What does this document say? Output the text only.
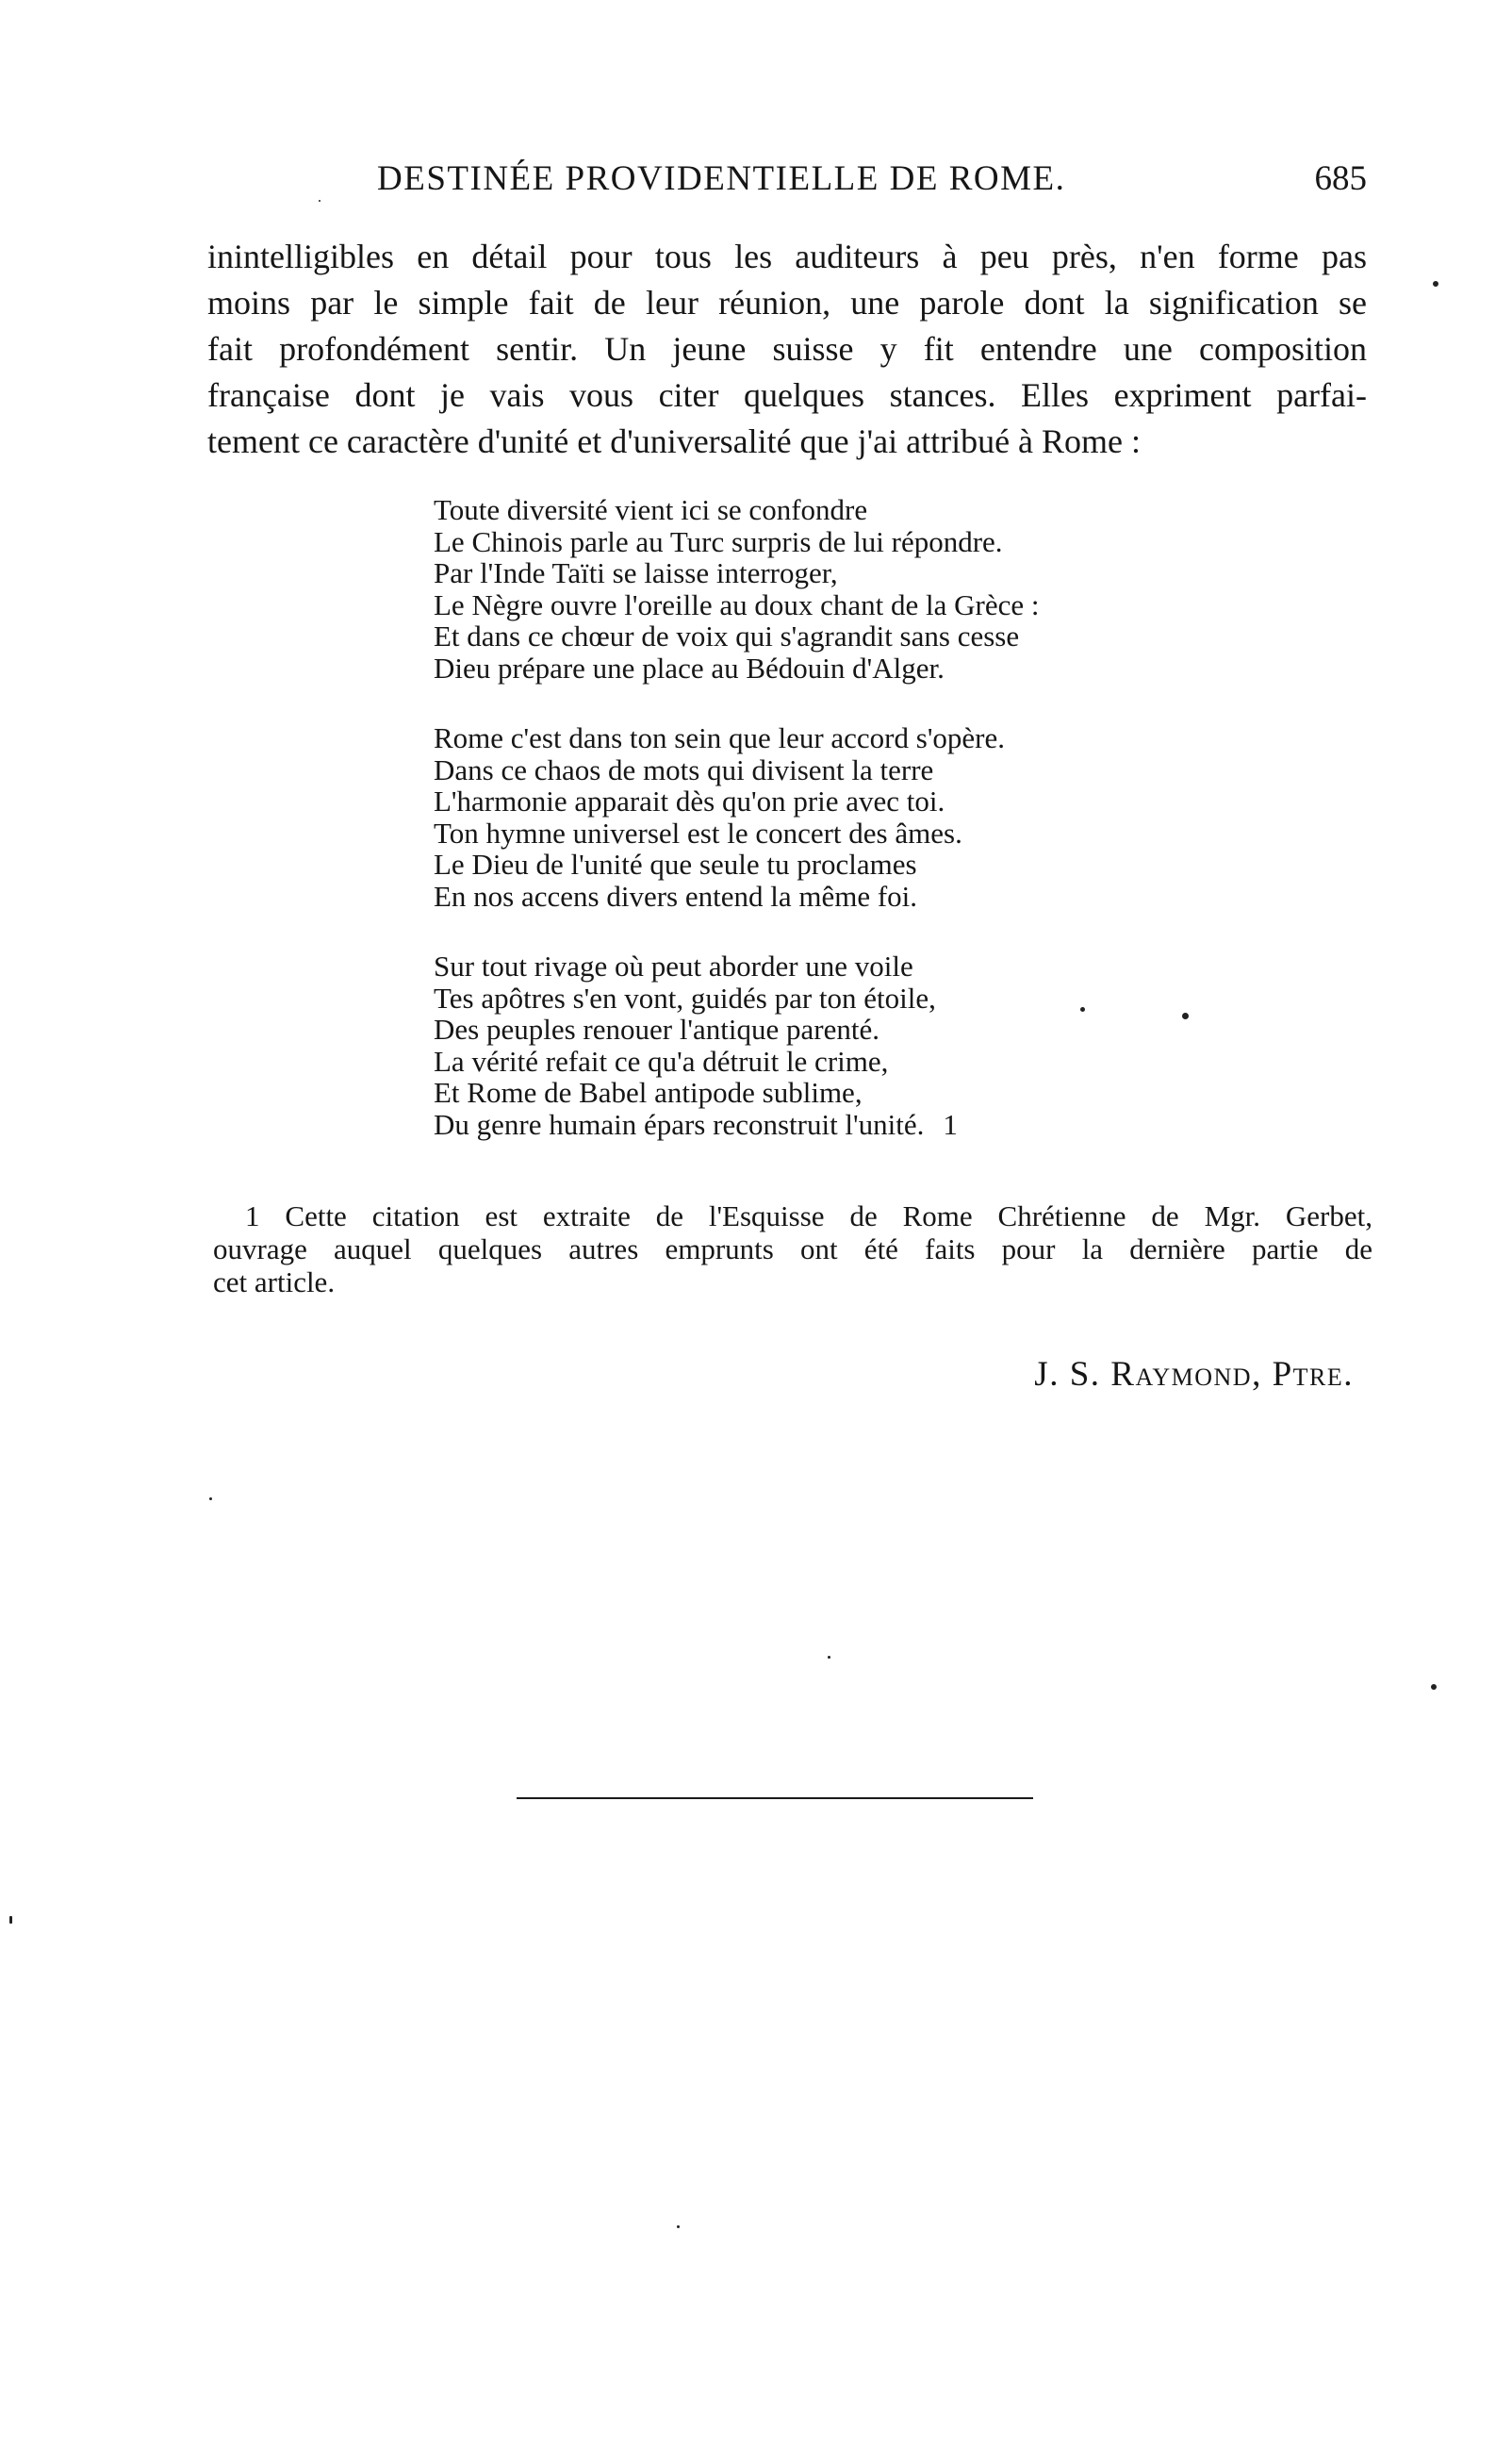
DESTINÉE PROVIDENTIELLE DE ROME.	685
inintelligibles en détail pour tous les auditeurs à peu près, n'en forme pas
moins par le simple fait de leur réunion, une parole dont la signification se
fait profondément sentir. Un jeune suisse y fit entendre une composition
française dont je vais vous citer quelques stances. Elles expriment parfai-
tement ce caractère d'unité et d'universalité que j'ai attribué à Rome :
Toute diversité vient ici se confondre
Le Chinois parle au Turc surpris de lui répondre.
Par l'Inde Taïti se laisse interroger,
Le Nègre ouvre l'oreille au doux chant de la Grèce :
Et dans ce chœur de voix qui s'agrandit sans cesse
Dieu prépare une place au Bédouin d'Alger.
Rome c'est dans ton sein que leur accord s'opère.
Dans ce chaos de mots qui divisent la terre
L'harmonie apparait dès qu'on prie avec toi.
Ton hymne universel est le concert des âmes.
Le Dieu de l'unité que seule tu proclames
En nos accens divers entend la même foi.
Sur tout rivage où peut aborder une voile
Tes apôtres s'en vont, guidés par ton étoile,
Des peuples renouer l'antique parenté.
La vérité refait ce qu'a détruit le crime,
Et Rome de Babel antipode sublime,
Du genre humain épars reconstruit l'unité. 1
1 Cette citation est extraite de l'Esquisse de Rome Chrétienne de Mgr. Gerbet,
ouvrage auquel quelques autres emprunts ont été faits pour la dernière partie de
cet article.
J. S. Raymond, Ptre.
